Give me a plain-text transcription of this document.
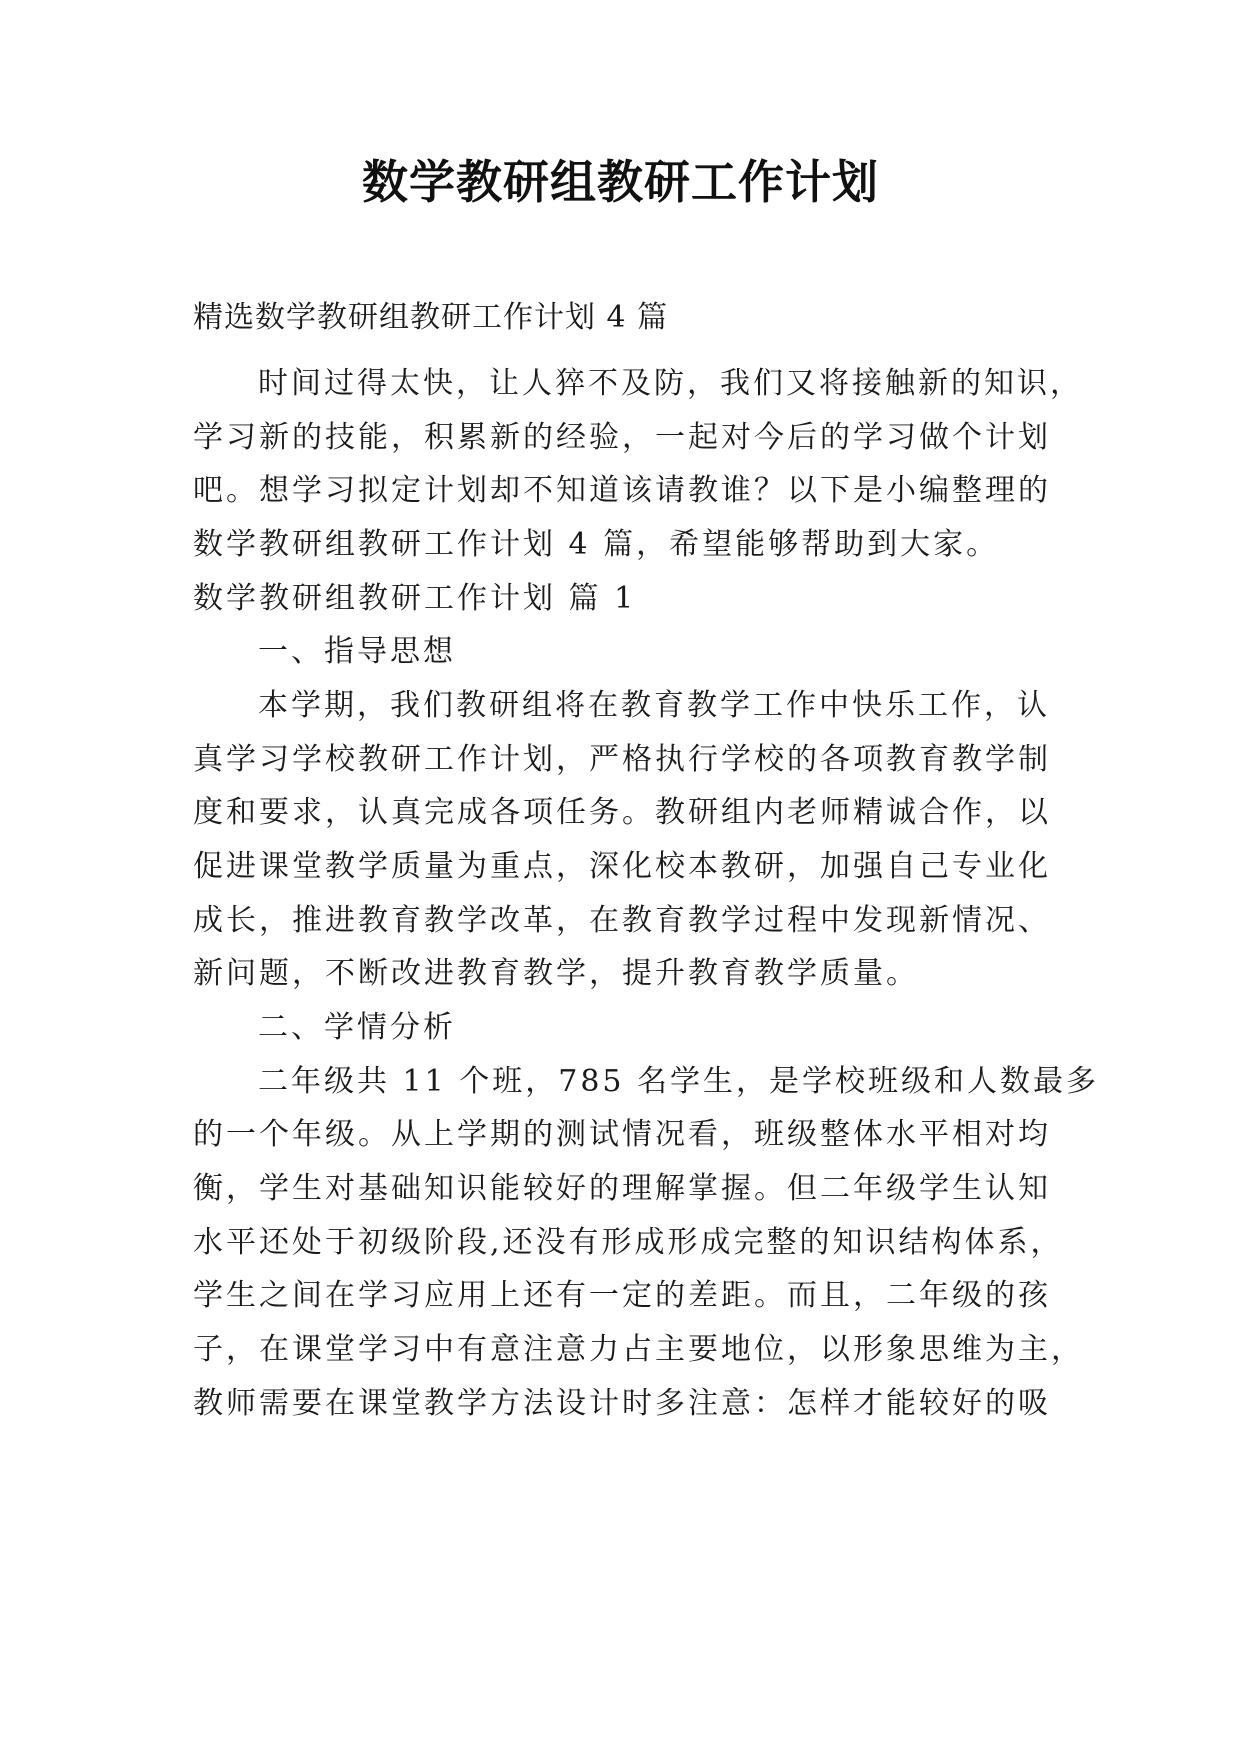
数学教研组教研工作计划
精选数学教研组教研工作计划 4 篇
时间过得太快，让人猝不及防，我们又将接触新的知识，
学习新的技能，积累新的经验，一起对今后的学习做个计划
吧。想学习拟定计划却不知道该请教谁？以下是小编整理的
数学教研组教研工作计划 4 篇，希望能够帮助到大家。
数学教研组教研工作计划 篇 1
一、指导思想
本学期，我们教研组将在教育教学工作中快乐工作，认
真学习学校教研工作计划，严格执行学校的各项教育教学制
度和要求，认真完成各项任务。教研组内老师精诚合作，以
促进课堂教学质量为重点，深化校本教研，加强自己专业化
成长，推进教育教学改革，在教育教学过程中发现新情况、
新问题，不断改进教育教学，提升教育教学质量。
二、学情分析
二年级共 11 个班，785 名学生，是学校班级和人数最多
的一个年级。从上学期的测试情况看，班级整体水平相对均
衡，学生对基础知识能较好的理解掌握。但二年级学生认知
水平还处于初级阶段,还没有形成形成完整的知识结构体系，
学生之间在学习应用上还有一定的差距。而且，二年级的孩
子，在课堂学习中有意注意力占主要地位，以形象思维为主，
教师需要在课堂教学方法设计时多注意：怎样才能较好的吸
